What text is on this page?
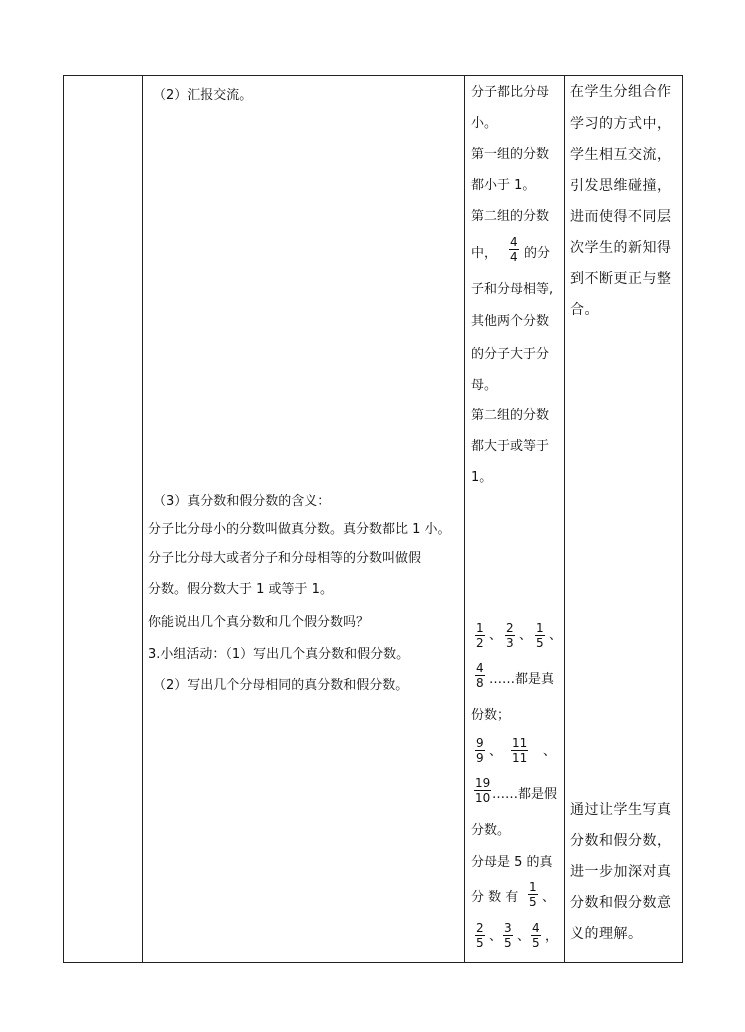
（2）汇报交流。
（3）真分数和假分数的含义：
分子比分母小的分数叫做真分数。真分数都比 1 小。
分子比分母大或者分子和分母相等的分数叫做假
分数。假分数大于 1 或等于 1。
你能说出几个真分数和几个假分数吗？
3.小组活动：（1）写出几个真分数和假分数。
（2）写出几个分母相同的真分数和假分数。

分子都比分母
小。
第一组的分数
都小于 1。
第二组的分数
中，
4
4 的分
子和分母相等,
其他两个分数
的分子大于分
母。
第二组的分数
都大于或等于
1。
1
2 、 2
3 、 1
5 、
4
8 ……都是真
份数；
9
9 、
11
11 、
19
10 ……都是假
分数。
分母是 5 的真
分 数 有
1
5 、
2
5 、
3
5 、
4
5 ，

在学生分组合作
学习的方式中，
学生相互交流，
引发思维碰撞，
进而使得不同层
次学生的新知得
到不断更正与整
合。
通过让学生写真
分数和假分数，
进一步加深对真
分数和假分数意
义的理解。
